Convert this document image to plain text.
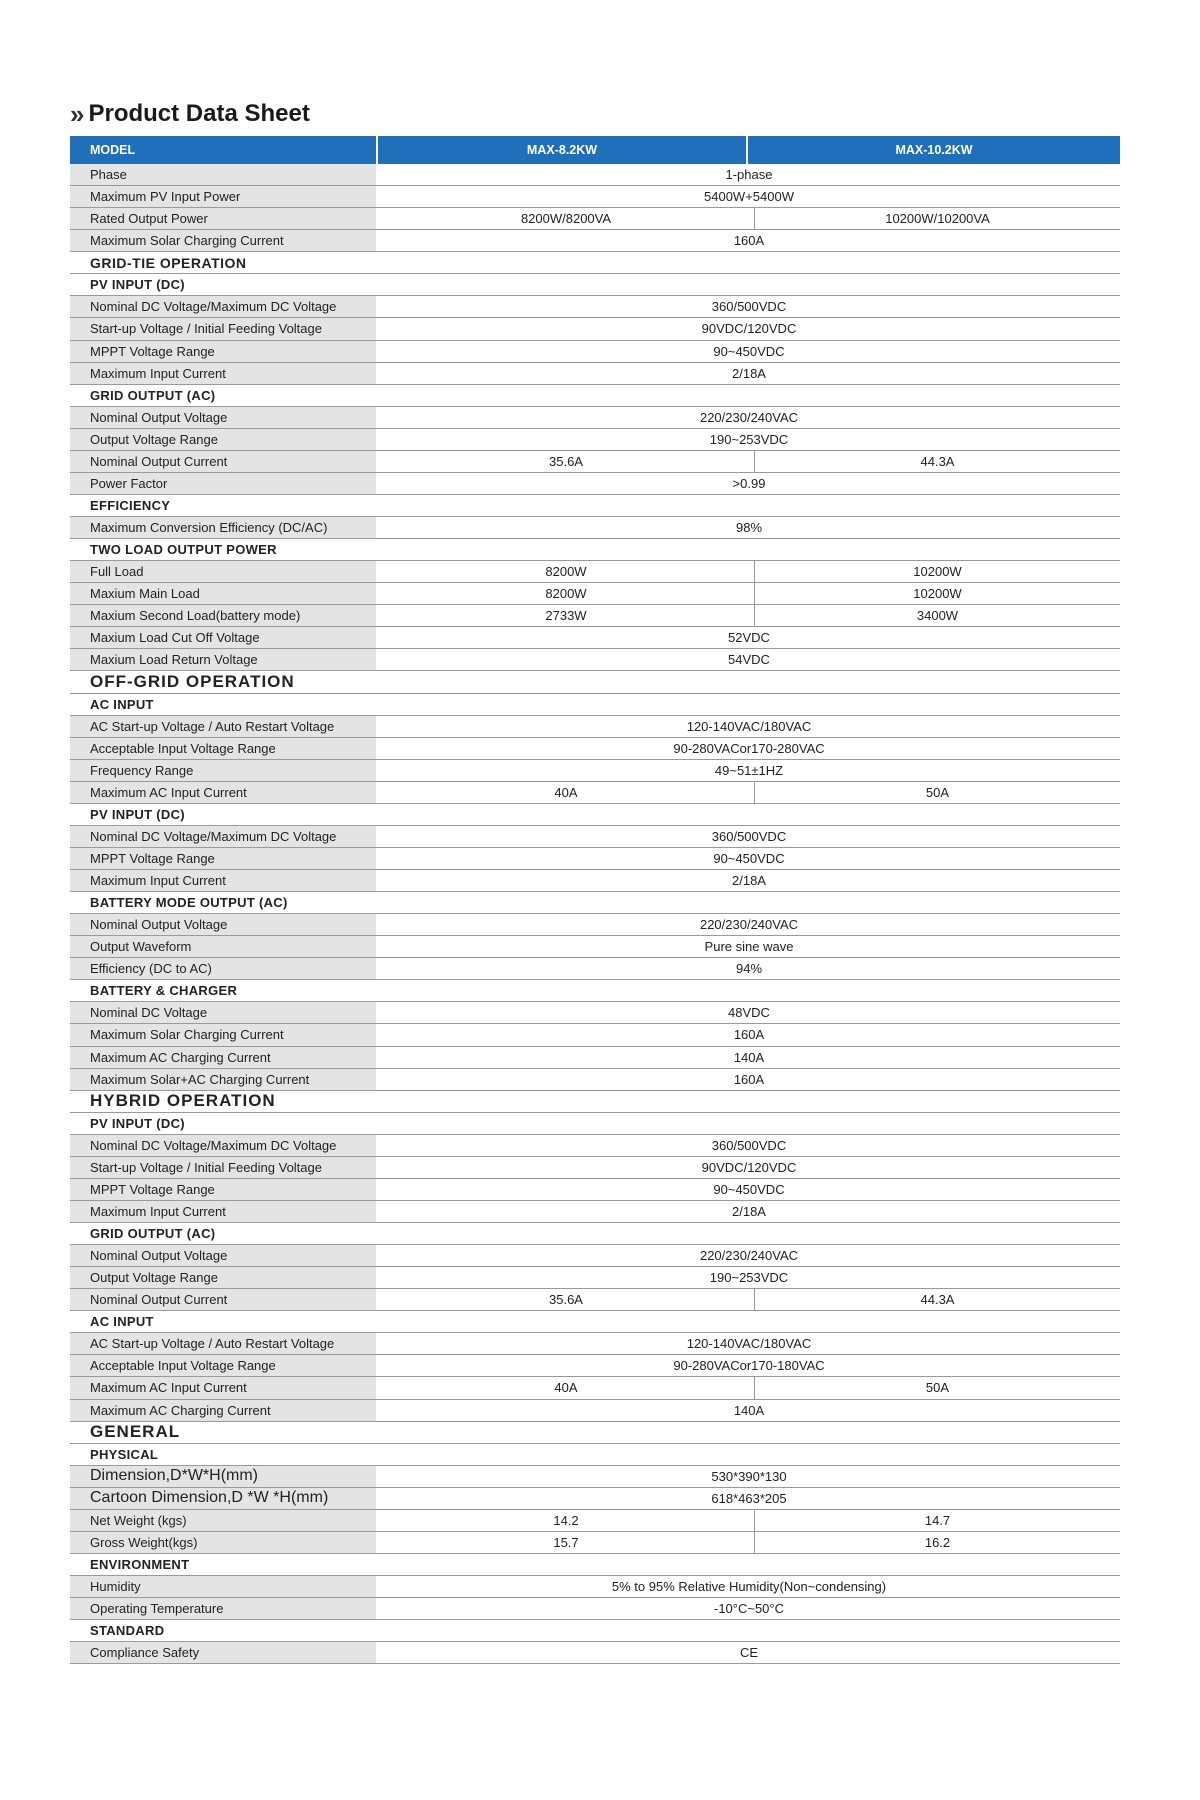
» Product Data Sheet
MODEL	MAX-8.2KW	MAX-10.2KW
Phase	1-phase
Maximum PV Input Power	5400W+5400W
Rated Output Power	8200W/8200VA	10200W/10200VA
Maximum Solar Charging Current	160A
GRID-TIE OPERATION
PV INPUT (DC)
Nominal DC Voltage/Maximum DC Voltage	360/500VDC
Start-up Voltage / Initial Feeding Voltage	90VDC/120VDC
MPPT Voltage Range	90~450VDC
Maximum Input Current	2/18A
GRID OUTPUT (AC)
Nominal Output Voltage	220/230/240VAC
Output Voltage Range	190~253VDC
Nominal Output Current	35.6A	44.3A
Power Factor	>0.99
EFFICIENCY
Maximum Conversion Efficiency (DC/AC)	98%
TWO LOAD OUTPUT POWER
Full Load	8200W	10200W
Maxium Main Load	8200W	10200W
Maxium Second Load(battery mode)	2733W	3400W
Maxium Load Cut Off Voltage	52VDC
Maxium Load Return Voltage	54VDC
OFF-GRID OPERATION
AC INPUT
AC Start-up Voltage / Auto Restart Voltage	120-140VAC/180VAC
Acceptable Input Voltage Range	90-280VACor170-280VAC
Frequency Range	49~51±1HZ
Maximum AC Input Current	40A	50A
PV INPUT (DC)
Nominal DC Voltage/Maximum DC Voltage	360/500VDC
MPPT Voltage Range	90~450VDC
Maximum Input Current	2/18A
BATTERY MODE OUTPUT (AC)
Nominal Output Voltage	220/230/240VAC
Output Waveform	Pure sine wave
Efficiency (DC to AC)	94%
BATTERY & CHARGER
Nominal DC Voltage	48VDC
Maximum Solar Charging Current	160A
Maximum AC Charging Current	140A
Maximum Solar+AC Charging Current	160A
HYBRID OPERATION
PV INPUT (DC)
Nominal DC Voltage/Maximum DC Voltage	360/500VDC
Start-up Voltage / Initial Feeding Voltage	90VDC/120VDC
MPPT Voltage Range	90~450VDC
Maximum Input Current	2/18A
GRID OUTPUT (AC)
Nominal Output Voltage	220/230/240VAC
Output Voltage Range	190~253VDC
Nominal Output Current	35.6A	44.3A
AC INPUT
AC Start-up Voltage / Auto Restart Voltage	120-140VAC/180VAC
Acceptable Input Voltage Range	90-280VACor170-180VAC
Maximum AC Input Current	40A	50A
Maximum AC Charging Current	140A
GENERAL
PHYSICAL
Dimension,D*W*H(mm)	530*390*130
Cartoon Dimension,D *W *H(mm)	618*463*205
Net Weight (kgs)	14.2	14.7
Gross Weight(kgs)	15.7	16.2
ENVIRONMENT
Humidity	5% to 95% Relative Humidity(Non~condensing)
Operating Temperature	-10°C~50°C
STANDARD
Compliance Safety	CE
